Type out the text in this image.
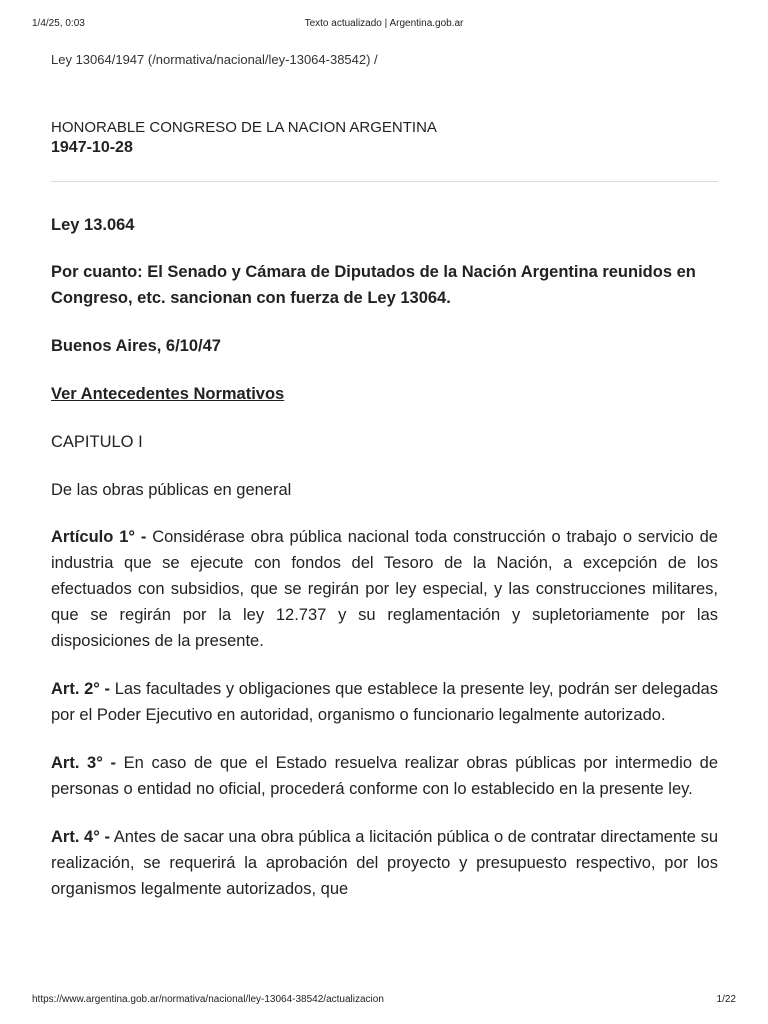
1/4/25, 0:03	Texto actualizado | Argentina.gob.ar

Ley 13064/1947 (/normativa/nacional/ley-13064-38542) /

HONORABLE CONGRESO DE LA NACION ARGENTINA
1947-10-28

Ley 13.064

Por cuanto: El Senado y Cámara de Diputados de la Nación Argentina reunidos en Congreso, etc. sancionan con fuerza de Ley 13064.

Buenos Aires, 6/10/47

Ver Antecedentes Normativos

CAPITULO I

De las obras públicas en general

Artículo 1° - Considérase obra pública nacional toda construcción o trabajo o servicio de industria que se ejecute con fondos del Tesoro de la Nación, a excepción de los efectuados con subsidios, que se regirán por ley especial, y las construcciones militares, que se regirán por la ley 12.737 y su reglamentación y supletoriamente por las disposiciones de la presente.

Art. 2° - Las facultades y obligaciones que establece la presente ley, podrán ser delegadas por el Poder Ejecutivo en autoridad, organismo o funcionario legalmente autorizado.

Art. 3° - En caso de que el Estado resuelva realizar obras públicas por intermedio de personas o entidad no oficial, procederá conforme con lo establecido en la presente ley.

Art. 4° - Antes de sacar una obra pública a licitación pública o de contratar directamente su realización, se requerirá la aprobación del proyecto y presupuesto respectivo, por los organismos legalmente autorizados, que

https://www.argentina.gob.ar/normativa/nacional/ley-13064-38542/actualizacion	1/22
